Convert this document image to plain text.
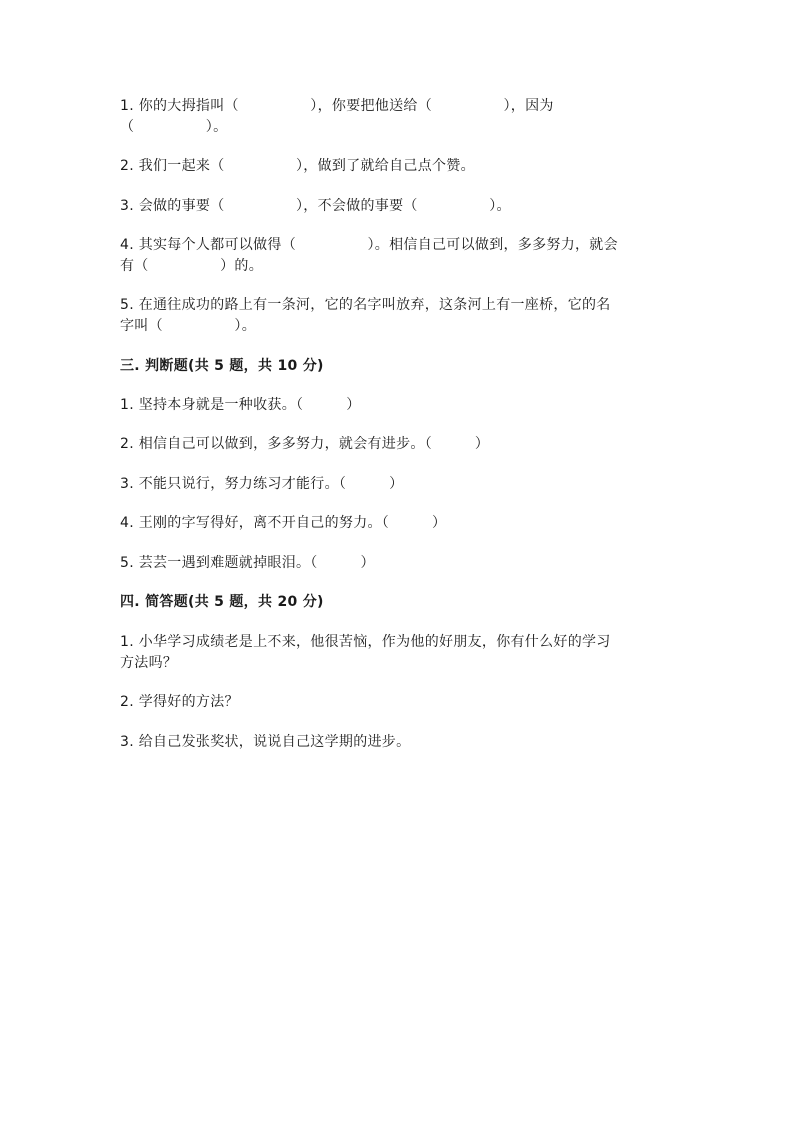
1. 你的大拇指叫（　　　　　），你要把他送给（　　　　　），因为
（　　　　　）。
2. 我们一起来（　　　　　），做到了就给自己点个赞。
3. 会做的事要（　　　　　），不会做的事要（　　　　　）。
4. 其实每个人都可以做得（　　　　　）。相信自己可以做到，多多努力，就会
有（　　　　　）的。
5. 在通往成功的路上有一条河，它的名字叫放弃，这条河上有一座桥，它的名
字叫（　　　　　）。
三. 判断题(共 5 题，共 10 分)
1. 坚持本身就是一种收获。（　　　）
2. 相信自己可以做到，多多努力，就会有进步。（　　　）
3. 不能只说行，努力练习才能行。（　　　）
4. 王刚的字写得好，离不开自己的努力。（　　　）
5. 芸芸一遇到难题就掉眼泪。（　　　）
四. 简答题(共 5 题，共 20 分)
1. 小华学习成绩老是上不来，他很苦恼，作为他的好朋友，你有什么好的学习
方法吗？
2. 学得好的方法？
3. 给自己发张奖状，说说自己这学期的进步。
